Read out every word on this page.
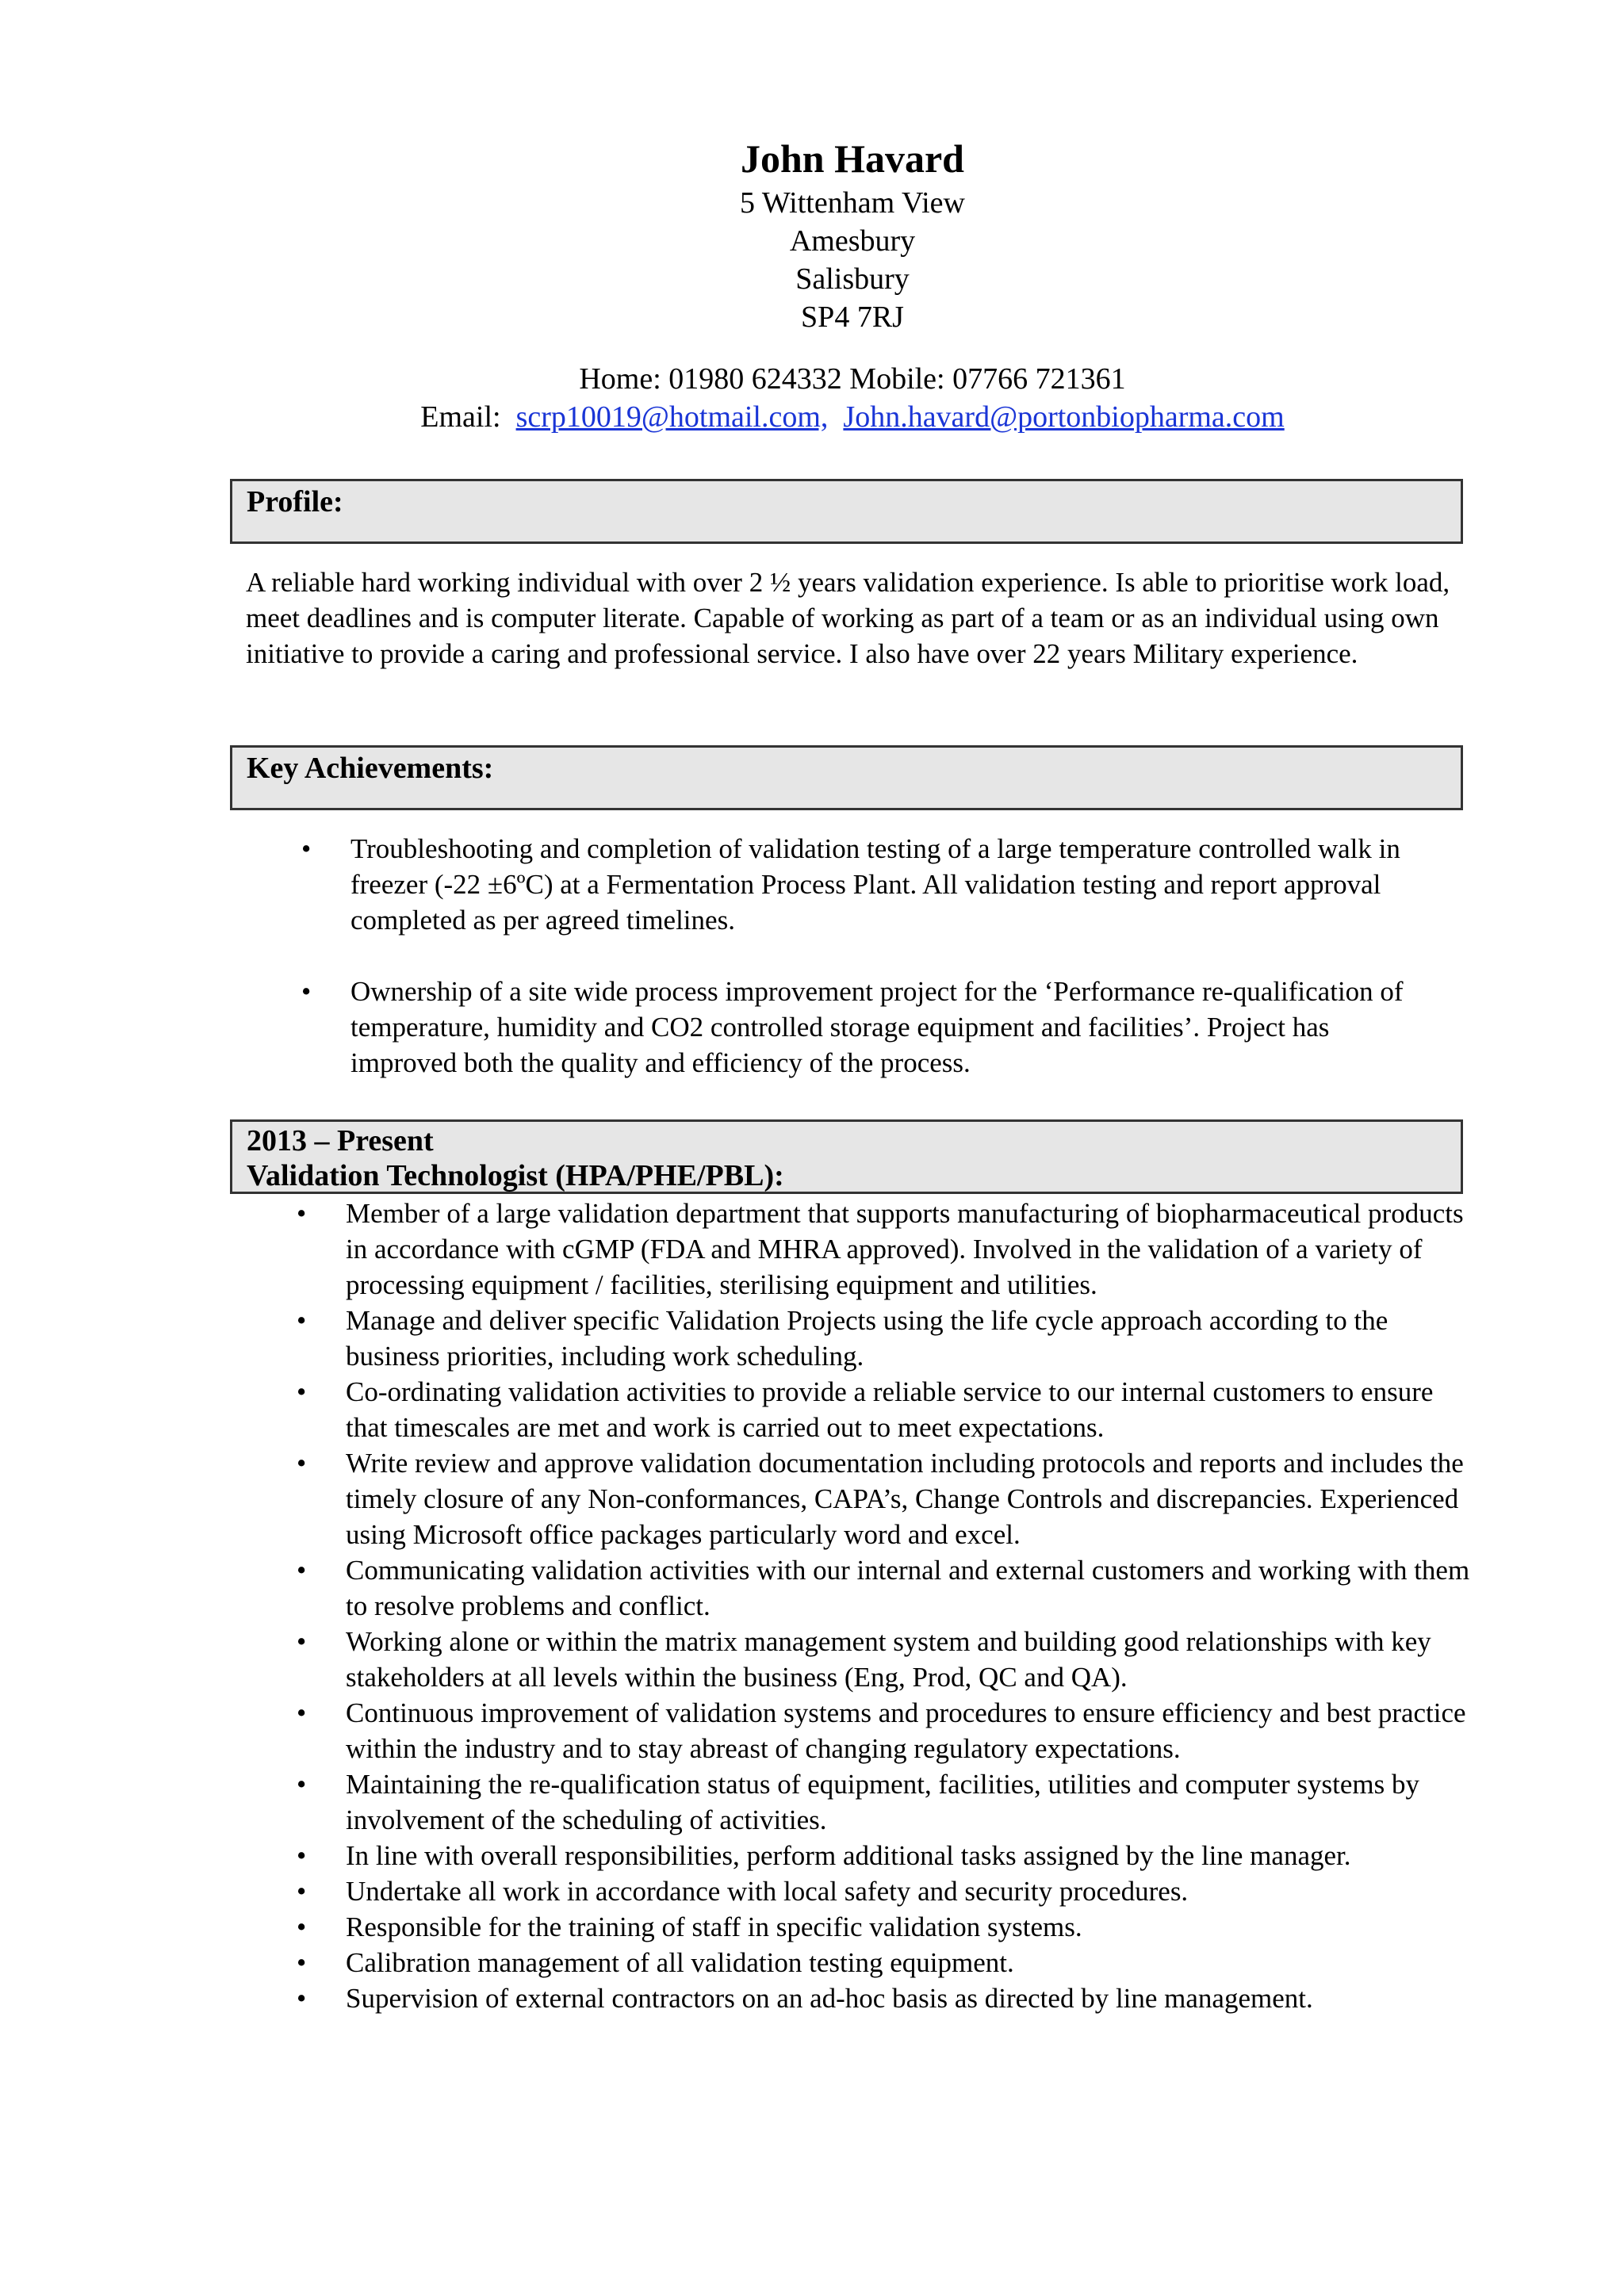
John Havard
5 Wittenham View
Amesbury
Salisbury
SP4 7RJ
Home: 01980 624332 Mobile: 07766 721361
Email: scrp10019@hotmail.com, John.havard@portonbiopharma.com
Profile:
A reliable hard working individual with over 2 ½ years validation experience. Is able to prioritise work load, meet deadlines and is computer literate. Capable of working as part of a team or as an individual using own initiative to provide a caring and professional service. I also have over 22 years Military experience.
Key Achievements:
• Troubleshooting and completion of validation testing of a large temperature controlled walk in freezer (-22 ±6ºC) at a Fermentation Process Plant. All validation testing and report approval completed as per agreed timelines.
• Ownership of a site wide process improvement project for the ‘Performance re-qualification of temperature, humidity and CO2 controlled storage equipment and facilities’. Project has improved both the quality and efficiency of the process.
2013 – Present
Validation Technologist (HPA/PHE/PBL):
• Member of a large validation department that supports manufacturing of biopharmaceutical products in accordance with cGMP (FDA and MHRA approved). Involved in the validation of a variety of processing equipment / facilities, sterilising equipment and utilities.
• Manage and deliver specific Validation Projects using the life cycle approach according to the business priorities, including work scheduling.
• Co-ordinating validation activities to provide a reliable service to our internal customers to ensure that timescales are met and work is carried out to meet expectations.
• Write review and approve validation documentation including protocols and reports and includes the timely closure of any Non-conformances, CAPA’s, Change Controls and discrepancies. Experienced using Microsoft office packages particularly word and excel.
• Communicating validation activities with our internal and external customers and working with them to resolve problems and conflict.
• Working alone or within the matrix management system and building good relationships with key stakeholders at all levels within the business (Eng, Prod, QC and QA).
• Continuous improvement of validation systems and procedures to ensure efficiency and best practice within the industry and to stay abreast of changing regulatory expectations.
• Maintaining the re-qualification status of equipment, facilities, utilities and computer systems by involvement of the scheduling of activities.
• In line with overall responsibilities, perform additional tasks assigned by the line manager.
• Undertake all work in accordance with local safety and security procedures.
• Responsible for the training of staff in specific validation systems.
• Calibration management of all validation testing equipment.
• Supervision of external contractors on an ad-hoc basis as directed by line management.
